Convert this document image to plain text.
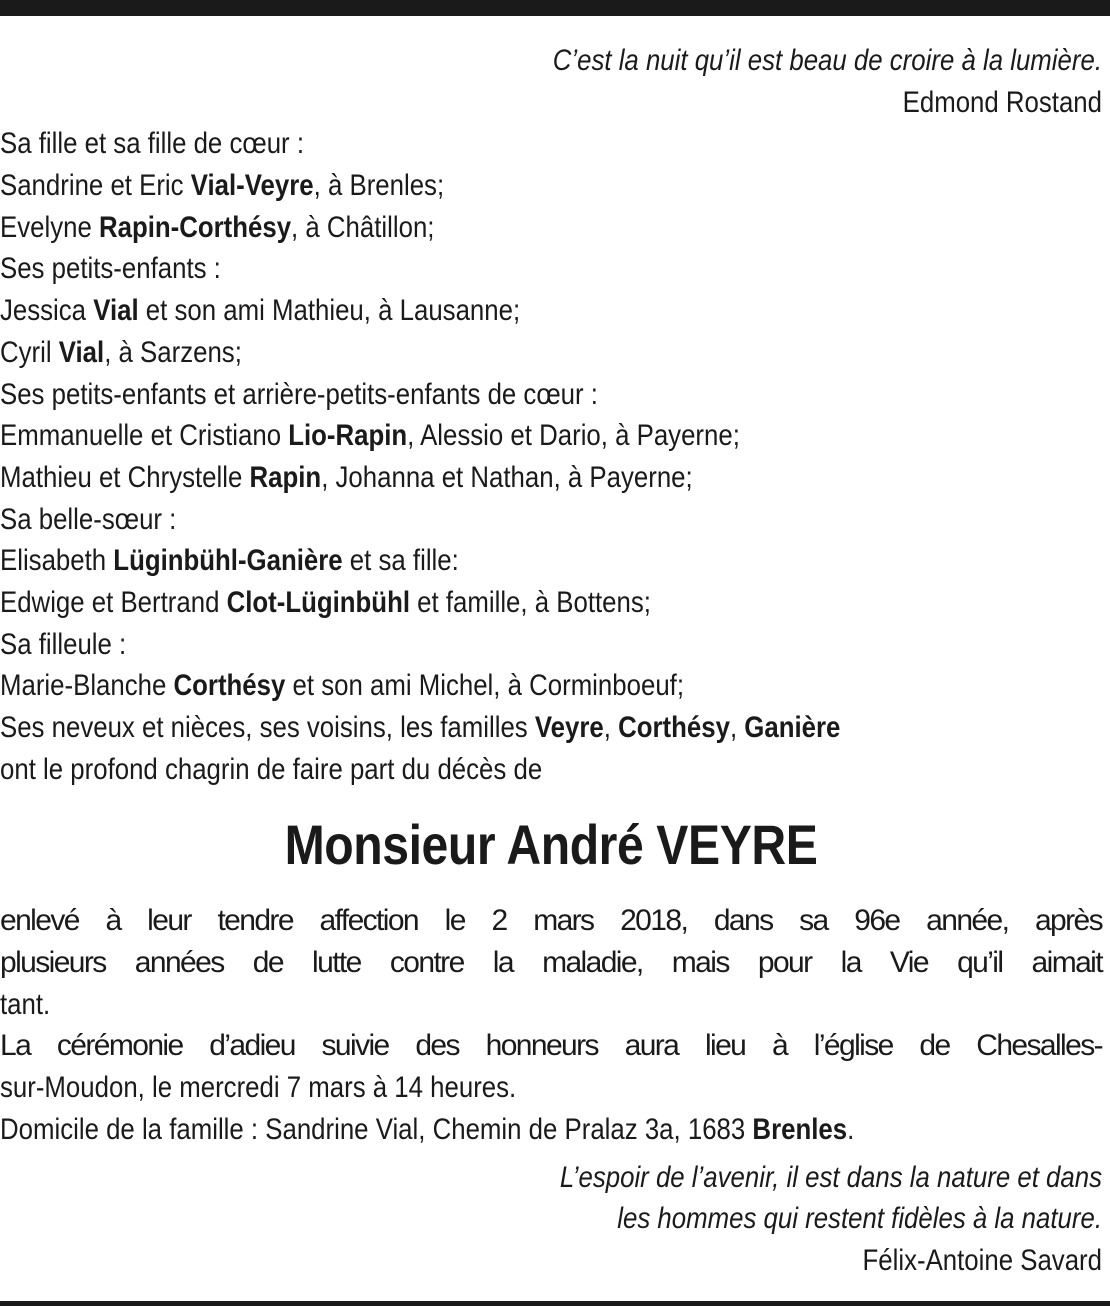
C’est la nuit qu’il est beau de croire à la lumière.
Edmond Rostand
Sa fille et sa fille de cœur :
Sandrine et Eric Vial-Veyre, à Brenles;
Evelyne Rapin-Corthésy, à Châtillon;
Ses petits-enfants :
Jessica Vial et son ami Mathieu, à Lausanne;
Cyril Vial, à Sarzens;
Ses petits-enfants et arrière-petits-enfants de cœur :
Emmanuelle et Cristiano Lio-Rapin, Alessio et Dario, à Payerne;
Mathieu et Chrystelle Rapin, Johanna et Nathan, à Payerne;
Sa belle-sœur :
Elisabeth Lüginbühl-Ganière et sa fille:
Edwige et Bertrand Clot-Lüginbühl et famille, à Bottens;
Sa filleule :
Marie-Blanche Corthésy et son ami Michel, à Corminboeuf;
Ses neveux et nièces, ses voisins, les familles Veyre, Corthésy, Ganière
ont le profond chagrin de faire part du décès de
Monsieur André VEYRE
enlevé à leur tendre affection le 2 mars 2018, dans sa 96e année, après
plusieurs années de lutte contre la maladie, mais pour la Vie qu’il aimait
tant.
La cérémonie d’adieu suivie des honneurs aura lieu à l’église de Chesalles-
sur-Moudon, le mercredi 7 mars à 14 heures.
Domicile de la famille : Sandrine Vial, Chemin de Pralaz 3a, 1683 Brenles.
L’espoir de l’avenir, il est dans la nature et dans
les hommes qui restent fidèles à la nature.
Félix-Antoine Savard
